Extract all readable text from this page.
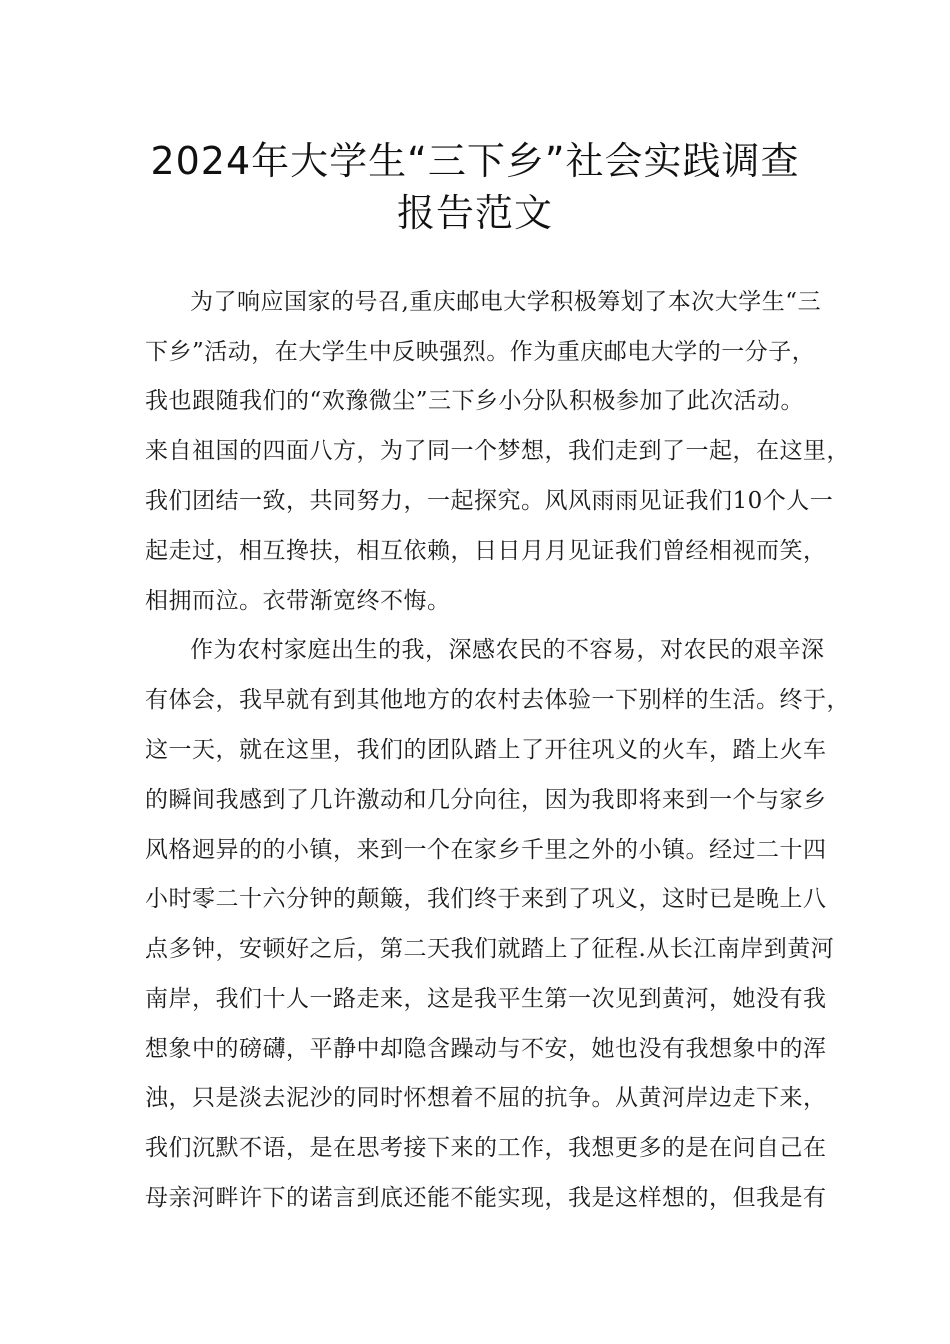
2024年大学生“三下乡”社会实践调查
报告范文
为了响应国家的号召,重庆邮电大学积极筹划了本次大学生“三
下乡”活动，在大学生中反映强烈。作为重庆邮电大学的一分子，
我也跟随我们的“欢豫微尘”三下乡小分队积极参加了此次活动。
来自祖国的四面八方，为了同一个梦想，我们走到了一起，在这里，
我们团结一致，共同努力，一起探究。风风雨雨见证我们10个人一
起走过，相互搀扶，相互依赖，日日月月见证我们曾经相视而笑，
相拥而泣。衣带渐宽终不悔。
作为农村家庭出生的我，深感农民的不容易，对农民的艰辛深
有体会，我早就有到其他地方的农村去体验一下别样的生活。终于，
这一天，就在这里，我们的团队踏上了开往巩义的火车，踏上火车
的瞬间我感到了几许激动和几分向往，因为我即将来到一个与家乡
风格迥异的的小镇，来到一个在家乡千里之外的小镇。经过二十四
小时零二十六分钟的颠簸，我们终于来到了巩义，这时已是晚上八
点多钟，安顿好之后，第二天我们就踏上了征程.从长江南岸到黄河
南岸，我们十人一路走来，这是我平生第一次见到黄河，她没有我
想象中的磅礴，平静中却隐含躁动与不安，她也没有我想象中的浑
浊，只是淡去泥沙的同时怀想着不屈的抗争。从黄河岸边走下来，
我们沉默不语，是在思考接下来的工作，我想更多的是在问自己在
母亲河畔许下的诺言到底还能不能实现，我是这样想的，但我是有
